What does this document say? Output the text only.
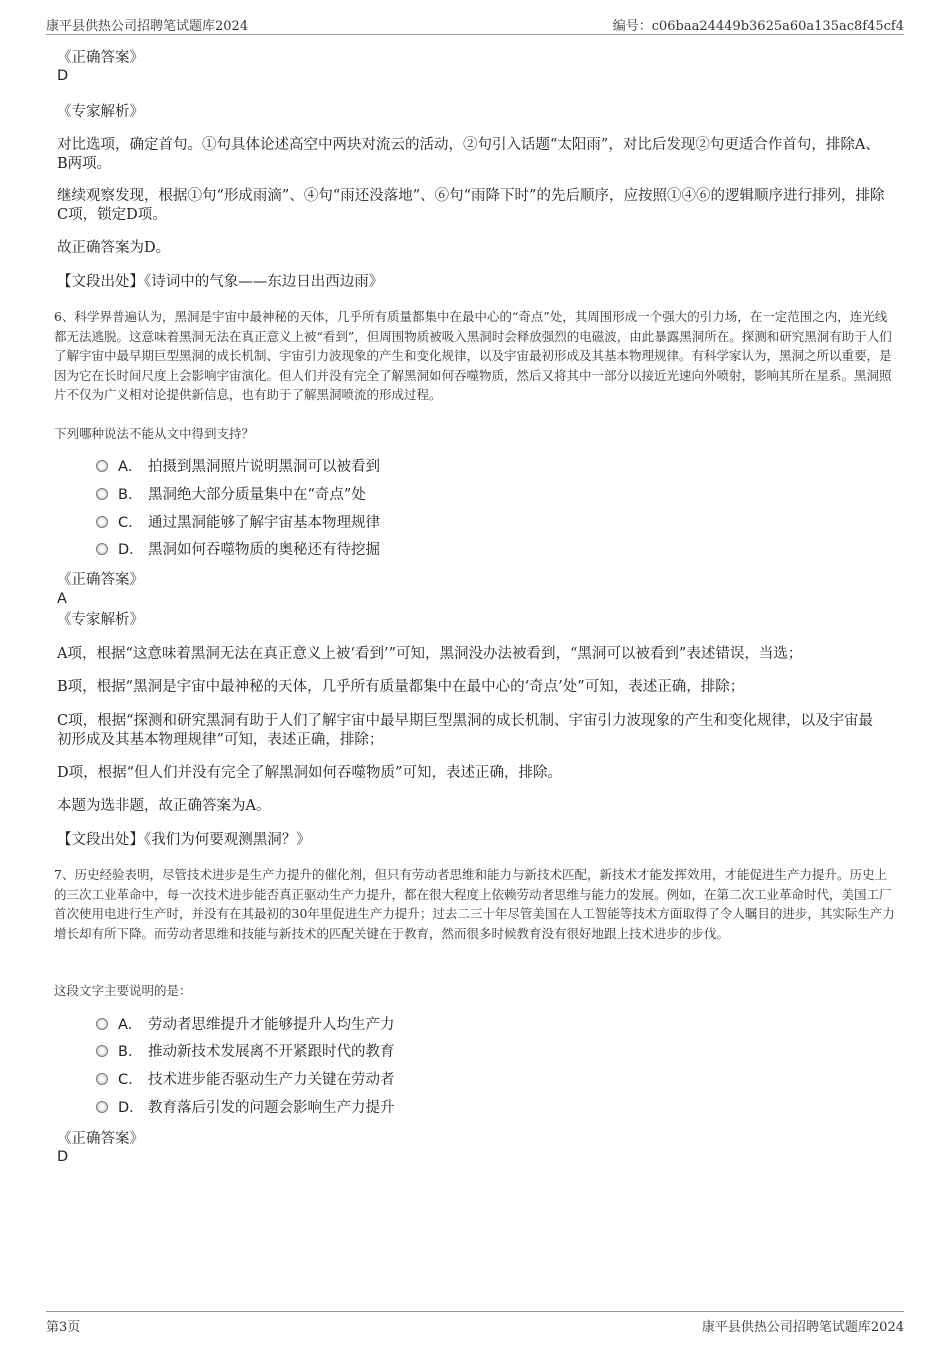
康平县供热公司招聘笔试题库2024	编号：c06baa24449b3625a60a135ac8f45cf4
《正确答案》
D
《专家解析》
对比选项，确定首句。①句具体论述高空中两块对流云的活动，②句引入话题“太阳雨”，对比后发现②句更适合作首句，排除A、B两项。
继续观察发现，根据①句“形成雨滴”、④句“雨还没落地”、⑥句“雨降下时”的先后顺序，应按照①④⑥的逻辑顺序进行排列，排除C项，锁定D项。
故正确答案为D。
【文段出处】《诗词中的气象——东边日出西边雨》
6、科学界普遍认为，黑洞是宇宙中最神秘的天体，几乎所有质量都集中在最中心的“奇点”处，其周围形成一个强大的引力场，在一定范围之内，连光线都无法逃脱。这意味着黑洞无法在真正意义上被“看到”，但周围物质被吸入黑洞时会释放强烈的电磁波，由此暴露黑洞所在。探测和研究黑洞有助于人们了解宇宙中最早期巨型黑洞的成长机制、宇宙引力波现象的产生和变化规律，以及宇宙最初形成及其基本物理规律。有科学家认为，黑洞之所以重要，是因为它在长时间尺度上会影响宇宙演化。但人们并没有完全了解黑洞如何吞噬物质，然后又将其中一部分以接近光速向外喷射，影响其所在星系。黑洞照片不仅为广义相对论提供新信息，也有助于了解黑洞喷流的形成过程。
下列哪种说法不能从文中得到支持？
A． 拍摄到黑洞照片说明黑洞可以被看到
B． 黑洞绝大部分质量集中在“奇点”处
C． 通过黑洞能够了解宇宙基本物理规律
D． 黑洞如何吞噬物质的奥秘还有待挖掘
《正确答案》
A
《专家解析》
A项，根据“这意味着黑洞无法在真正意义上被‘看到’”可知，黑洞没办法被看到，“黑洞可以被看到”表述错误，当选；
B项，根据“黑洞是宇宙中最神秘的天体，几乎所有质量都集中在最中心的‘奇点’处”可知，表述正确，排除；
C项，根据“探测和研究黑洞有助于人们了解宇宙中最早期巨型黑洞的成长机制、宇宙引力波现象的产生和变化规律，以及宇宙最初形成及其基本物理规律”可知，表述正确，排除；
D项，根据“但人们并没有完全了解黑洞如何吞噬物质”可知，表述正确，排除。
本题为选非题，故正确答案为A。
【文段出处】《我们为何要观测黑洞？》
7、历史经验表明，尽管技术进步是生产力提升的催化剂，但只有劳动者思维和能力与新技术匹配，新技术才能发挥效用，才能促进生产力提升。历史上的三次工业革命中，每一次技术进步能否真正驱动生产力提升，都在很大程度上依赖劳动者思维与能力的发展。例如，在第二次工业革命时代，美国工厂首次使用电进行生产时，并没有在其最初的30年里促进生产力提升；过去二三十年尽管美国在人工智能等技术方面取得了令人瞩目的进步，其实际生产力增长却有所下降。而劳动者思维和技能与新技术的匹配关键在于教育，然而很多时候教育没有很好地跟上技术进步的步伐。
这段文字主要说明的是：
A． 劳动者思维提升才能够提升人均生产力
B． 推动新技术发展离不开紧跟时代的教育
C． 技术进步能否驱动生产力关键在劳动者
D． 教育落后引发的问题会影响生产力提升
《正确答案》
D
第3页	康平县供热公司招聘笔试题库2024
